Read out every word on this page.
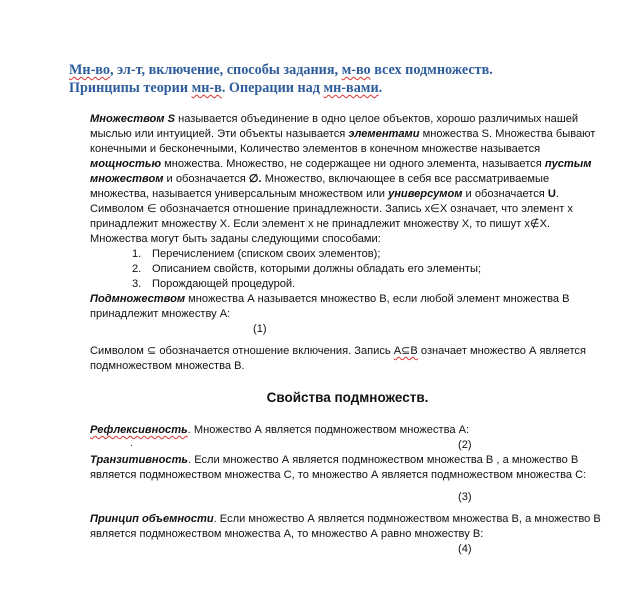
Мн-во, эл-т, включение, способы задания, м-во всех подмножеств.
Принципы теории мн-в. Операции над мн-вами.

Множеством S называется объединение в одно целое объектов, хорошо различимых нашей мыслью или интуицией. Эти объекты называется элементами множества S. Множества бывают конечными и бесконечными, Количество элементов в конечном множестве называется мощностью множества. Множество, не содержащее ни одного элемента, называется пустым множеством и обозначается ∅. Множество, включающее в себя все рассматриваемые множества, называется универсальным множеством или универсумом и обозначается U. Символом ∈ обозначается отношение принадлежности. Запись x∈X означает, что элемент x принадлежит множеству X. Если элемент x не принадлежит множеству X, то пишут x∉X.

Множества могут быть заданы следующими способами:

1. Перечислением (списком своих элементов);
2. Описанием свойств, которыми должны обладать его элементы;
3. Порождающей процедурой.

Подмножеством множества А называется множество В, если любой элемент множества В принадлежит множеству А:

(1)

Символом ⊆ обозначается отношение включения. Запись А⊆В означает множество А является подмножеством множества В.

Свойства подмножеств.

Рефлексивность. Множество А является подмножеством множества А:

.	(2)

Транзитивность. Если множество А является подмножеством множества В , а множество В является подмножеством множества С, то множество А является подмножеством множества С:

(3)

Принцип объемности. Если множество А является подмножеством множества В, а множество В является подмножеством множества А, то множество А равно множеству В:

(4)
